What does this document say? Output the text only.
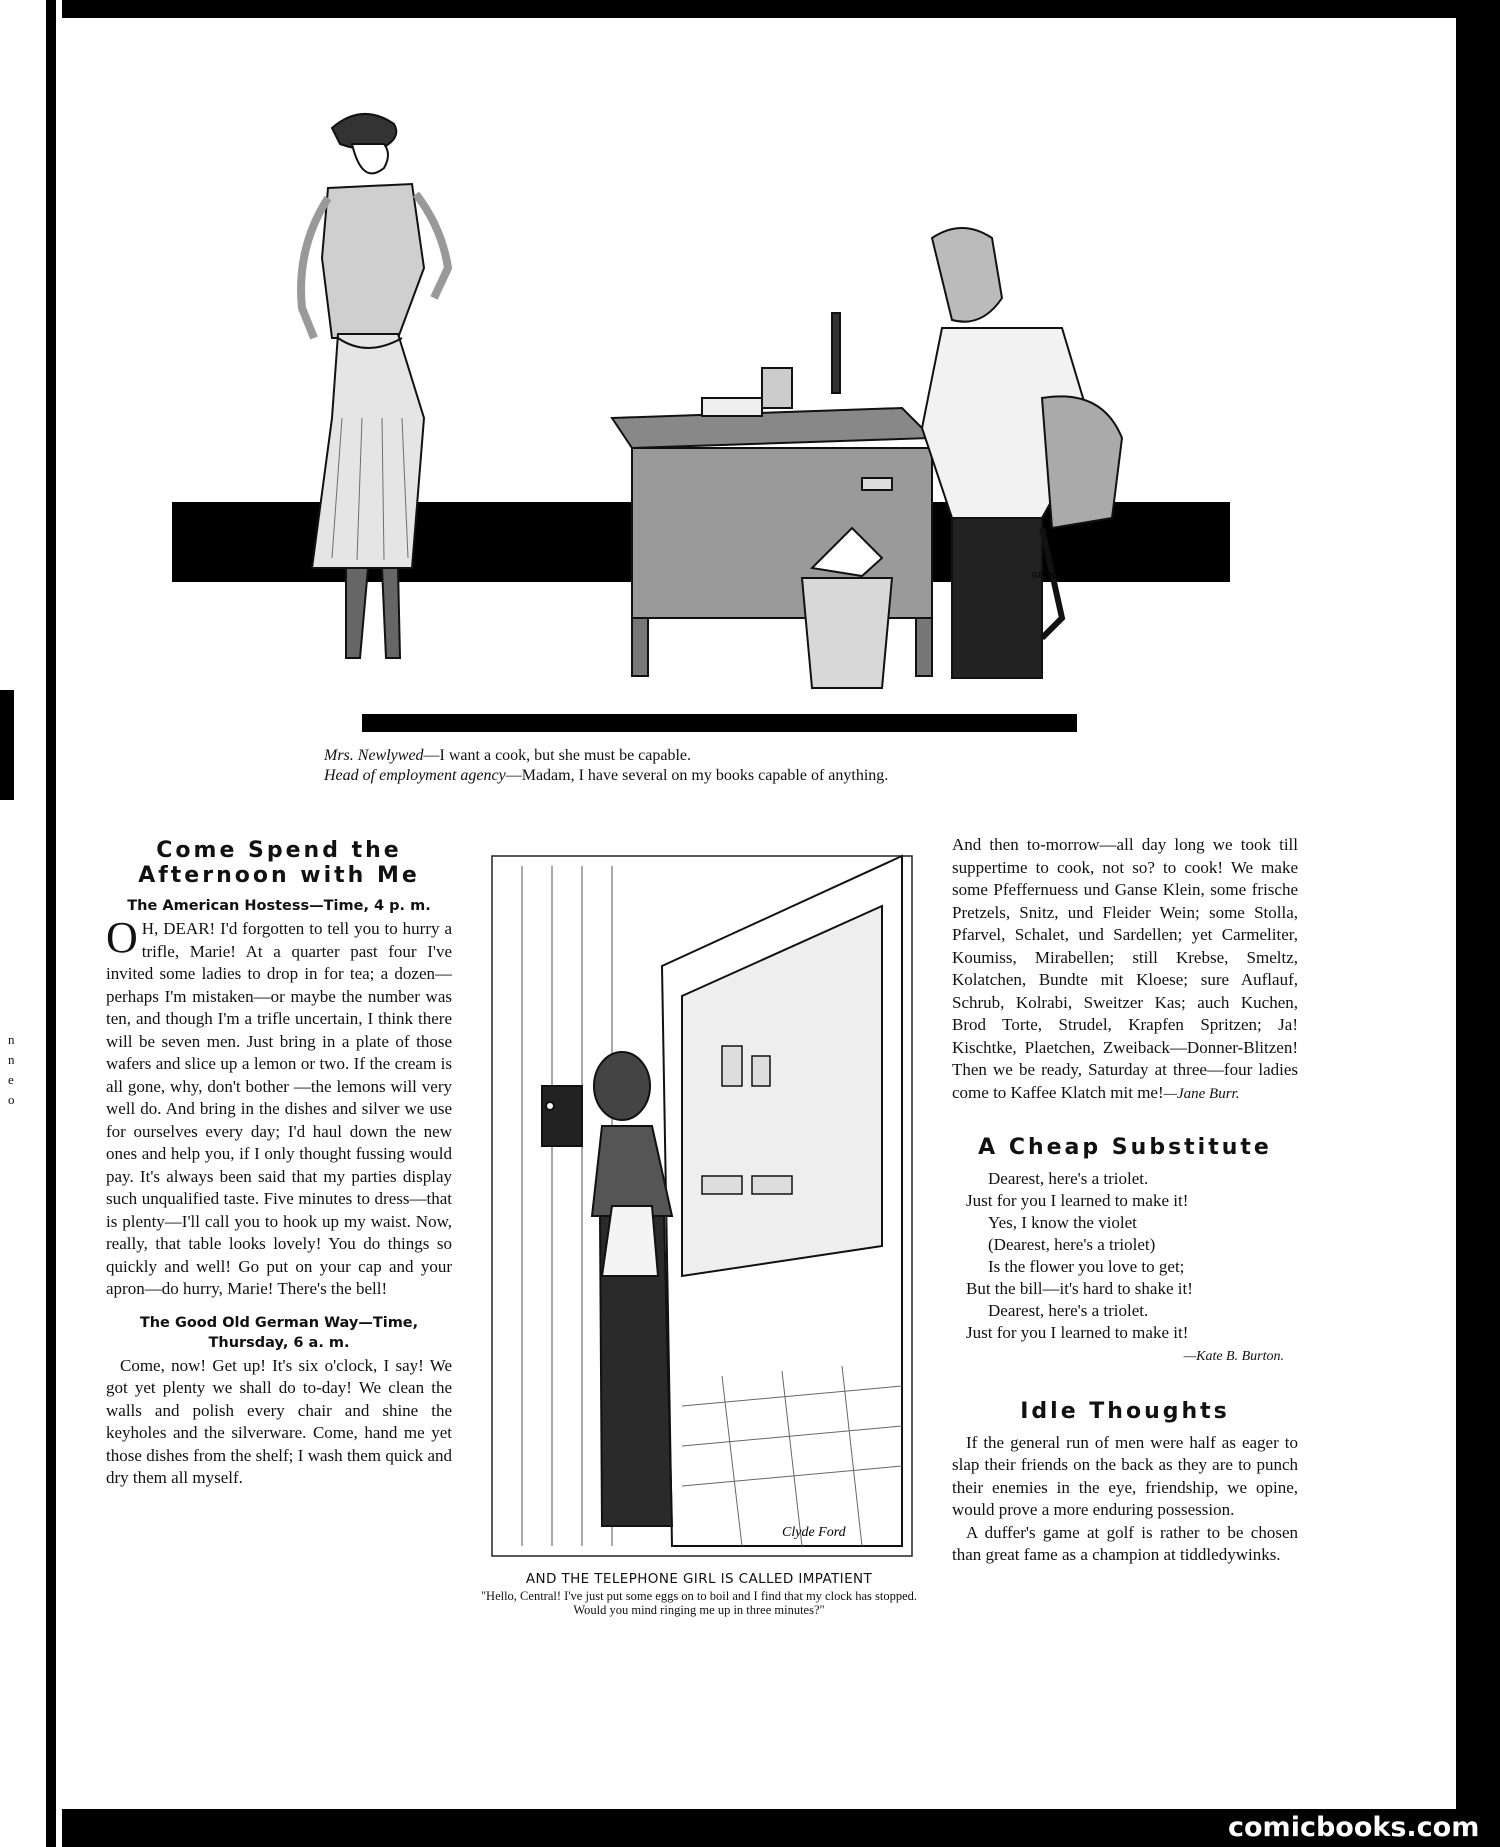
n
n
e
o
GERHARD NEUWAGEN
Mrs. Newlywed—I want a cook, but she must be capable.
Head of employment agency—Madam, I have several on my books capable of anything.
Come Spend the Afternoon with Me
The American Hostess—Time, 4 p. m.

O H, DEAR! I'd forgotten to tell you to hurry a trifle, Marie! At a quarter past four I've invited some ladies to drop in for tea; a dozen—perhaps I'm mistaken—or maybe the number was ten, and though I'm a trifle uncertain, I think there will be seven men. Just bring in a plate of those wafers and slice up a lemon or two. If the cream is all gone, why, don't bother —the lemons will very well do. And bring in the dishes and silver we use for ourselves every day; I'd haul down the new ones and help you, if I only thought fussing would pay. It's always been said that my parties display such unqualified taste. Five minutes to dress—that is plenty—I'll call you to hook up my waist. Now, really, that table looks lovely! You do things so quickly and well! Go put on your cap and your apron—do hurry, Marie! There's the bell!

The Good Old German Way—Time, Thursday, 6 a. m.

Come, now! Get up! It's six o'clock, I say! We got yet plenty we shall do to-day! We clean the walls and polish every chair and shine the keyholes and the silverware. Come, hand me yet those dishes from the shelf; I wash them quick and dry them all myself.

Clyde Ford
AND THE TELEPHONE GIRL IS CALLED IMPATIENT
"Hello, Central! I've just put some eggs on to boil and I find that my clock has stopped. Would you mind ringing me up in three minutes?"

And then to-morrow—all day long we took till suppertime to cook, not so? to cook! We make some Pfeffernuess und Ganse Klein, some frische Pretzels, Snitz, und Fleider Wein; some Stolla, Pfarvel, Schalet, und Sardellen; yet Carmeliter, Koumiss, Mirabellen; still Krebse, Smeltz, Kolatchen, Bundte mit Kloese; sure Auflauf, Schrub, Kolrabi, Sweitzer Kas; auch Kuchen, Brod Torte, Strudel, Krapfen Spritzen; Ja! Kischtke, Plaetchen, Zweiback—Donner-Blitzen! Then we be ready, Saturday at three—four ladies come to Kaffee Klatch mit me!—Jane Burr.

A Cheap Substitute
Dearest, here's a triolet.
Just for you I learned to make it!
Yes, I know the violet
(Dearest, here's a triolet)
Is the flower you love to get;
But the bill—it's hard to shake it!
Dearest, here's a triolet.
Just for you I learned to make it!
—Kate B. Burton.
Idle Thoughts

If the general run of men were half as eager to slap their friends on the back as they are to punch their enemies in the eye, friendship, we opine, would prove a more enduring possession.

A duffer's game at golf is rather to be chosen than great fame as a champion at tiddledywinks.

comicbooks.com
